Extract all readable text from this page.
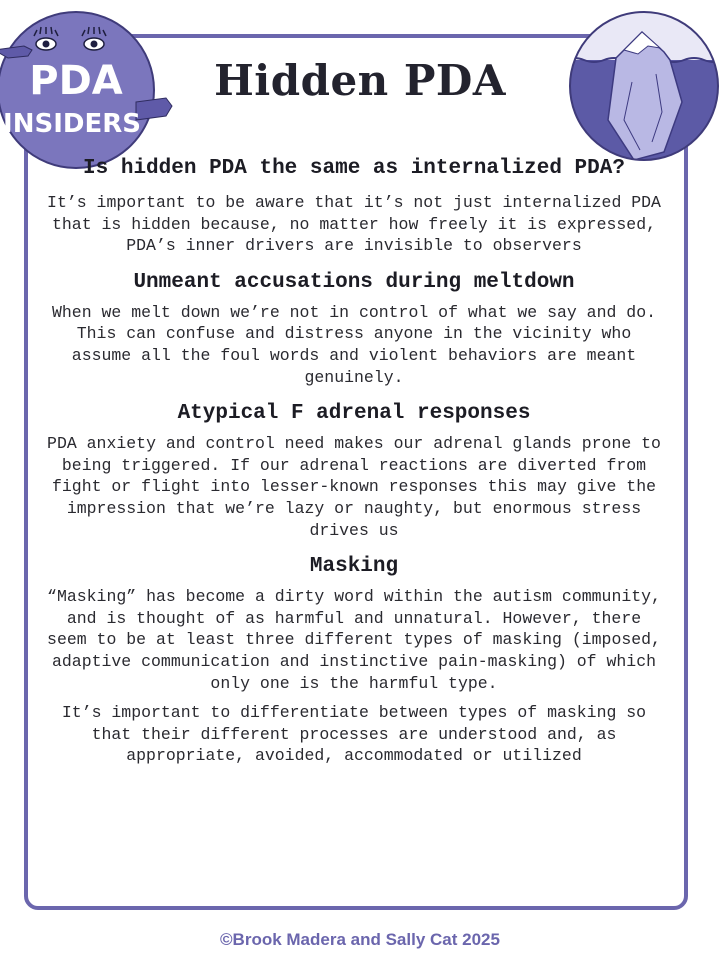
PDA
INSIDERS
Hidden PDA
Is hidden PDA the same as internalized PDA?

It’s important to be aware that it’s not just internalized PDA that is hidden because, no matter how freely it is expressed, PDA’s inner drivers are invisible to observers

Unmeant accusations during meltdown

When we melt down we’re not in control of what we say and do. This can confuse and distress anyone in the vicinity who assume all the foul words and violent behaviors are meant genuinely.

Atypical F adrenal responses

PDA anxiety and control need makes our adrenal glands prone to being triggered. If our adrenal reactions are diverted from fight or flight into lesser-known responses this may give the impression that we’re lazy or naughty, but enormous stress drives us

Masking

“Masking” has become a dirty word within the autism community, and is thought of as harmful and unnatural. However, there seem to be at least three different types of masking (imposed, adaptive communication and instinctive pain-masking) of which only one is the harmful type.

It’s important to differentiate between types of masking so that their different processes are understood and, as appropriate, avoided, accommodated or utilized

©Brook Madera and Sally Cat 2025
